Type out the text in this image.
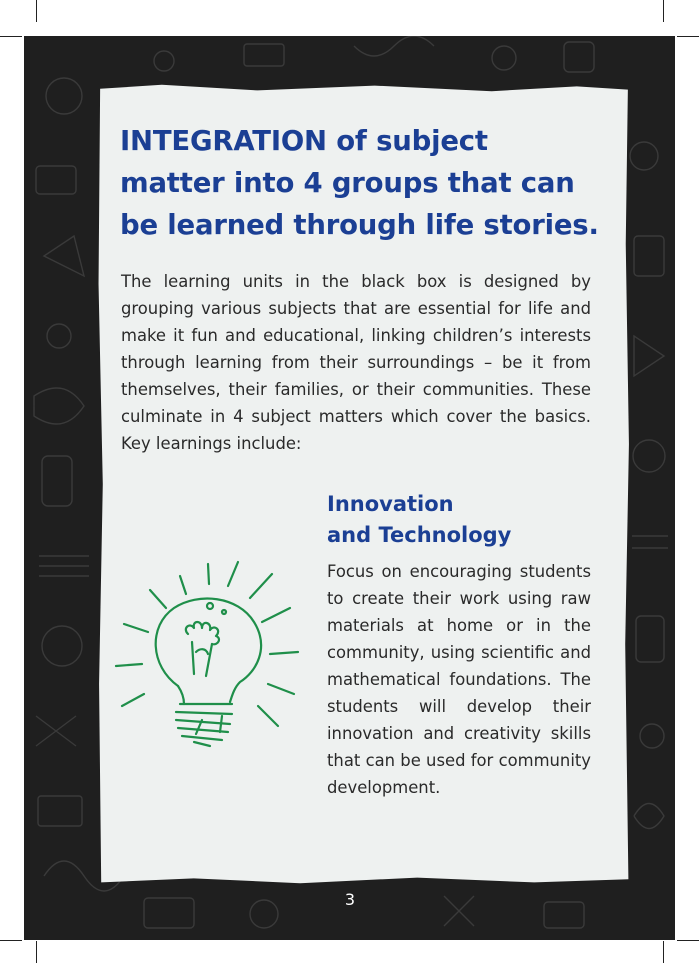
INTEGRATION of subject matter into 4 groups that can be learned through life stories.

The learning units in the black box is designed by grouping various subjects that are essential for life and make it fun and educational, linking children’s interests through learning from their surroundings – be it from themselves, their families, or their communities. These culminate in 4 subject matters which cover the basics. Key learnings include:

Innovation
and Technology

Focus on encouraging students to create their work using raw materials at home or in the community, using scientific and mathematical foundations. The students will develop their innovation and creativity skills that can be used for community development.

3
